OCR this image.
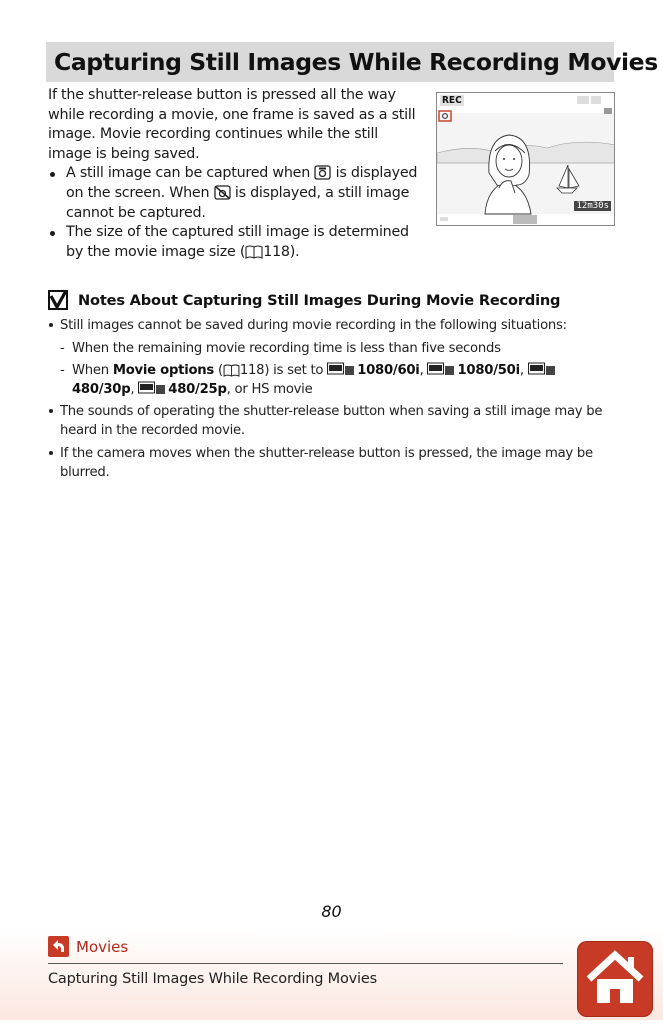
Capturing Still Images While Recording Movies

If the shutter-release button is pressed all the way while recording a movie, one frame is saved as a still image. Movie recording continues while the still image is being saved.

A still image can be captured when is displayed on the screen. When is displayed, a still image cannot be captured.
The size of the captured still image is determined by the movie image size ( 118).
REC
12m30s
Notes About Capturing Still Images During Movie Recording
Still images cannot be saved during movie recording in the following situations:
- When the remaining movie recording time is less than five seconds
- When Movie options ( 118) is set to	1080/60i, 1080/50i, 480/30p, 480/25p, or HS movie
The sounds of operating the shutter-release button when saving a still image may be heard in the recorded movie.
If the camera moves when the shutter-release button is pressed, the image may be blurred.
80
Movies
Capturing Still Images While Recording Movies
